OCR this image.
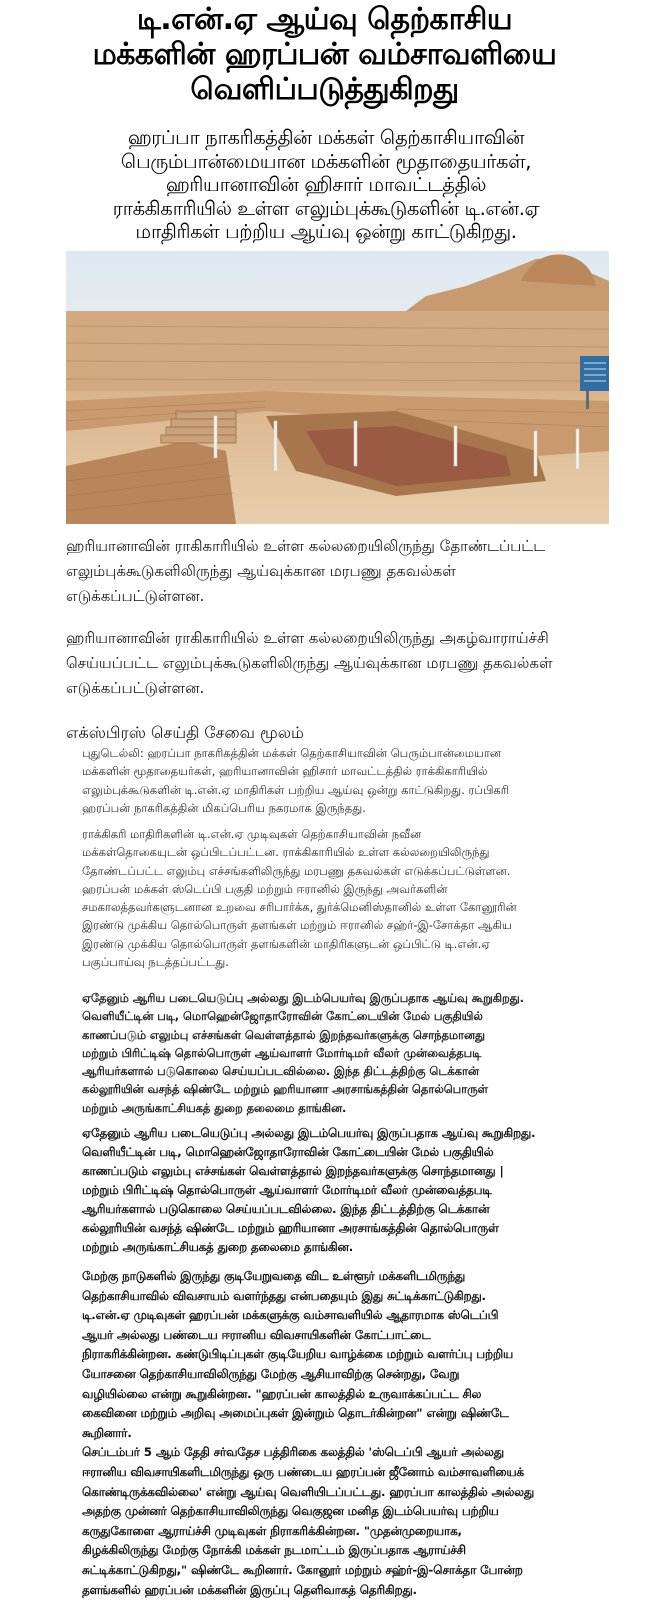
டி.என்.ஏ ஆய்வு தெற்காசிய
மக்களின் ஹரப்பன் வம்சாவளியை
வெளிப்படுத்துகிறது
ஹரப்பா நாகரிகத்தின் மக்கள் தெற்காசியாவின்
பெரும்பான்மையான மக்களின் மூதாதையர்கள்,
ஹரியானாவின் ஹிசார் மாவட்டத்தில்
ராக்கிகாரியில் உள்ள எலும்புக்கூடுகளின் டி.என்.ஏ
மாதிரிகள் பற்றிய ஆய்வு ஒன்று காட்டுகிறது.
ஹரியானாவின் ராகிகாரியில் உள்ள கல்லறையிலிருந்து தோண்டப்பட்ட
எலும்புக்கூடுகளிலிருந்து ஆய்வுக்கான மரபணு தகவல்கள்
எடுக்கப்பட்டுள்ளன.
ஹரியானாவின் ராகிகாரியில் உள்ள கல்லறையிலிருந்து அகழ்வாராய்ச்சி
செய்யப்பட்ட எலும்புக்கூடுகளிலிருந்து ஆய்வுக்கான மரபணு தகவல்கள்
எடுக்கப்பட்டுள்ளன.
எக்ஸ்பிரஸ் செய்தி சேவை மூலம்
புதுடெல்லி: ஹரப்பா நாகரிகத்தின் மக்கள் தெற்காசியாவின் பெரும்பான்மையான
மக்களின் மூதாதையர்கள், ஹரியானாவின் ஹிசார் மாவட்டத்தில் ராக்கிகாரியில்
எலும்புக்கூடுகளின் டி.என்.ஏ மாதிரிகள் பற்றிய ஆய்வு ஒன்று காட்டுகிறது. ரப்பிகரி
ஹரப்பன் நாகரிகத்தின் மிகப்பெரிய நகரமாக இருந்தது.
ராக்கிகரி மாதிரிகளின் டி.என்.ஏ முடிவுகள் தெற்காசியாவின் நவீன
மக்கள்தொகையுடன் ஒப்பிடப்பட்டன. ராக்கிகாரியில் உள்ள கல்லறையிலிருந்து
தோண்டப்பட்ட எலும்பு எச்சங்களிலிருந்து மரபணு தகவல்கள் எடுக்கப்பட்டுள்ளன.
ஹரப்பன் மக்கள் ஸ்டெப்பி பகுதி மற்றும் ஈரானில் இருந்து அவர்களின்
சமகாலத்தவர்களுடனான உறவை சரிபார்க்க, துர்க்மெனிஸ்தானில் உள்ள கோனூரின்
இரண்டு முக்கிய தொல்பொருள் தளங்கள் மற்றும் ஈரானில் சஹ்ர்-இ-சோக்தா ஆகிய
இரண்டு முக்கிய தொல்பொருள் தளங்களின் மாதிரிகளுடன் ஒப்பிட்டு டி.என்.ஏ
பகுப்பாய்வு நடத்தப்பட்டது.
ஏதேனும் ஆரிய படையெடுப்பு அல்லது இடம்பெயர்வு இருப்பதாக ஆய்வு கூறுகிறது.
வெளியீட்டின் படி, மொஹென்ஜோதாரோவின் கோட்டையின் மேல் பகுதியில்
காணப்படும் எலும்பு எச்சங்கள் வெள்ளத்தால் இறந்தவர்களுக்கு சொந்தமானது
மற்றும் பிரிட்டிஷ் தொல்பொருள் ஆய்வாளர் மோர்டிமர் வீலர் முன்வைத்தபடி
ஆரியர்களால் படுகொலை செய்யப்படவில்லை. இந்த திட்டத்திற்கு டெக்கான்
கல்லூரியின் வசந்த் ஷிண்டே மற்றும் ஹரியானா அரசாங்கத்தின் தொல்பொருள்
மற்றும் அருங்காட்சியகத் துறை தலைமை தாங்கின.
ஏதேனும் ஆரிய படையெடுப்பு அல்லது இடம்பெயர்வு இருப்பதாக ஆய்வு கூறுகிறது.
வெளியீட்டின் படி, மொஹென்ஜோதாரோவின் கோட்டையின் மேல் பகுதியில்
காணப்படும் எலும்பு எச்சங்கள் வெள்ளத்தால் இறந்தவர்களுக்கு சொந்தமானது |
மற்றும் பிரிட்டிஷ் தொல்பொருள் ஆய்வாளர் மோர்டிமர் வீலர் முன்வைத்தபடி
ஆரியர்களால் படுகொலை செய்யப்படவில்லை. இந்த திட்டத்திற்கு டெக்கான்
கல்லூரியின் வசந்த் ஷிண்டே மற்றும் ஹரியானா அரசாங்கத்தின் தொல்பொருள்
மற்றும் அருங்காட்சியகத் துறை தலைமை தாங்கின.
மேற்கு நாடுகளில் இருந்து குடியேறுவதை விட உள்ளூர் மக்களிடமிருந்து
தெற்காசியாவில் விவசாயம் வளர்ந்தது என்பதையும் இது சுட்டிக்காட்டுகிறது.
டி.என்.ஏ முடிவுகள் ஹரப்பன் மக்களுக்கு வம்சாவளியில் ஆதாரமாக ஸ்டெப்பி
ஆயர் அல்லது பண்டைய ஈரானிய விவசாயிகளின் கோட்பாட்டை
நிராகரிக்கின்றன. கண்டுபிடிப்புகள் குடியேறிய வாழ்க்கை மற்றும் வளர்ப்பு பற்றிய
யோசனை தெற்காசியாவிலிருந்து மேற்கு ஆசியாவிற்கு சென்றது, வேறு
வழியில்லை என்று கூறுகின்றன. "ஹரப்பன் காலத்தில் உருவாக்கப்பட்ட சில
கைவினை மற்றும் அறிவு அமைப்புகள் இன்றும் தொடர்கின்றன" என்று ஷிண்டே
கூறினார்.
செப்டம்பர் 5 ஆம் தேதி சர்வதேச பத்திரிகை கலத்தில் 'ஸ்டெப்பி ஆயர் அல்லது
ஈரானிய விவசாயிகளிடமிருந்து ஒரு பண்டைய ஹரப்பன் ஜீனோம் வம்சாவளியைக்
கொண்டிருக்கவில்லை' என்று ஆய்வு வெளியிடப்பட்டது. ஹரப்பா காலத்தில் அல்லது
அதற்கு முன்னர் தெற்காசியாவிலிருந்து வெகுஜன மனித இடம்பெயர்வு பற்றிய
கருதுகோளை ஆராய்ச்சி முடிவுகள் நிராகரிக்கின்றன. "முதன்முறையாக,
கிழக்கிலிருந்து மேற்கு நோக்கி மக்கள் நடமாட்டம் இருப்பதாக ஆராய்ச்சி
சுட்டிக்காட்டுகிறது," ஷிண்டே கூறினார். கோனூர் மற்றும் சஹ்ர்-இ-சொக்தா போன்ற
தளங்களில் ஹரப்பன் மக்களின் இருப்பு தெளிவாகத் தெரிகிறது.
